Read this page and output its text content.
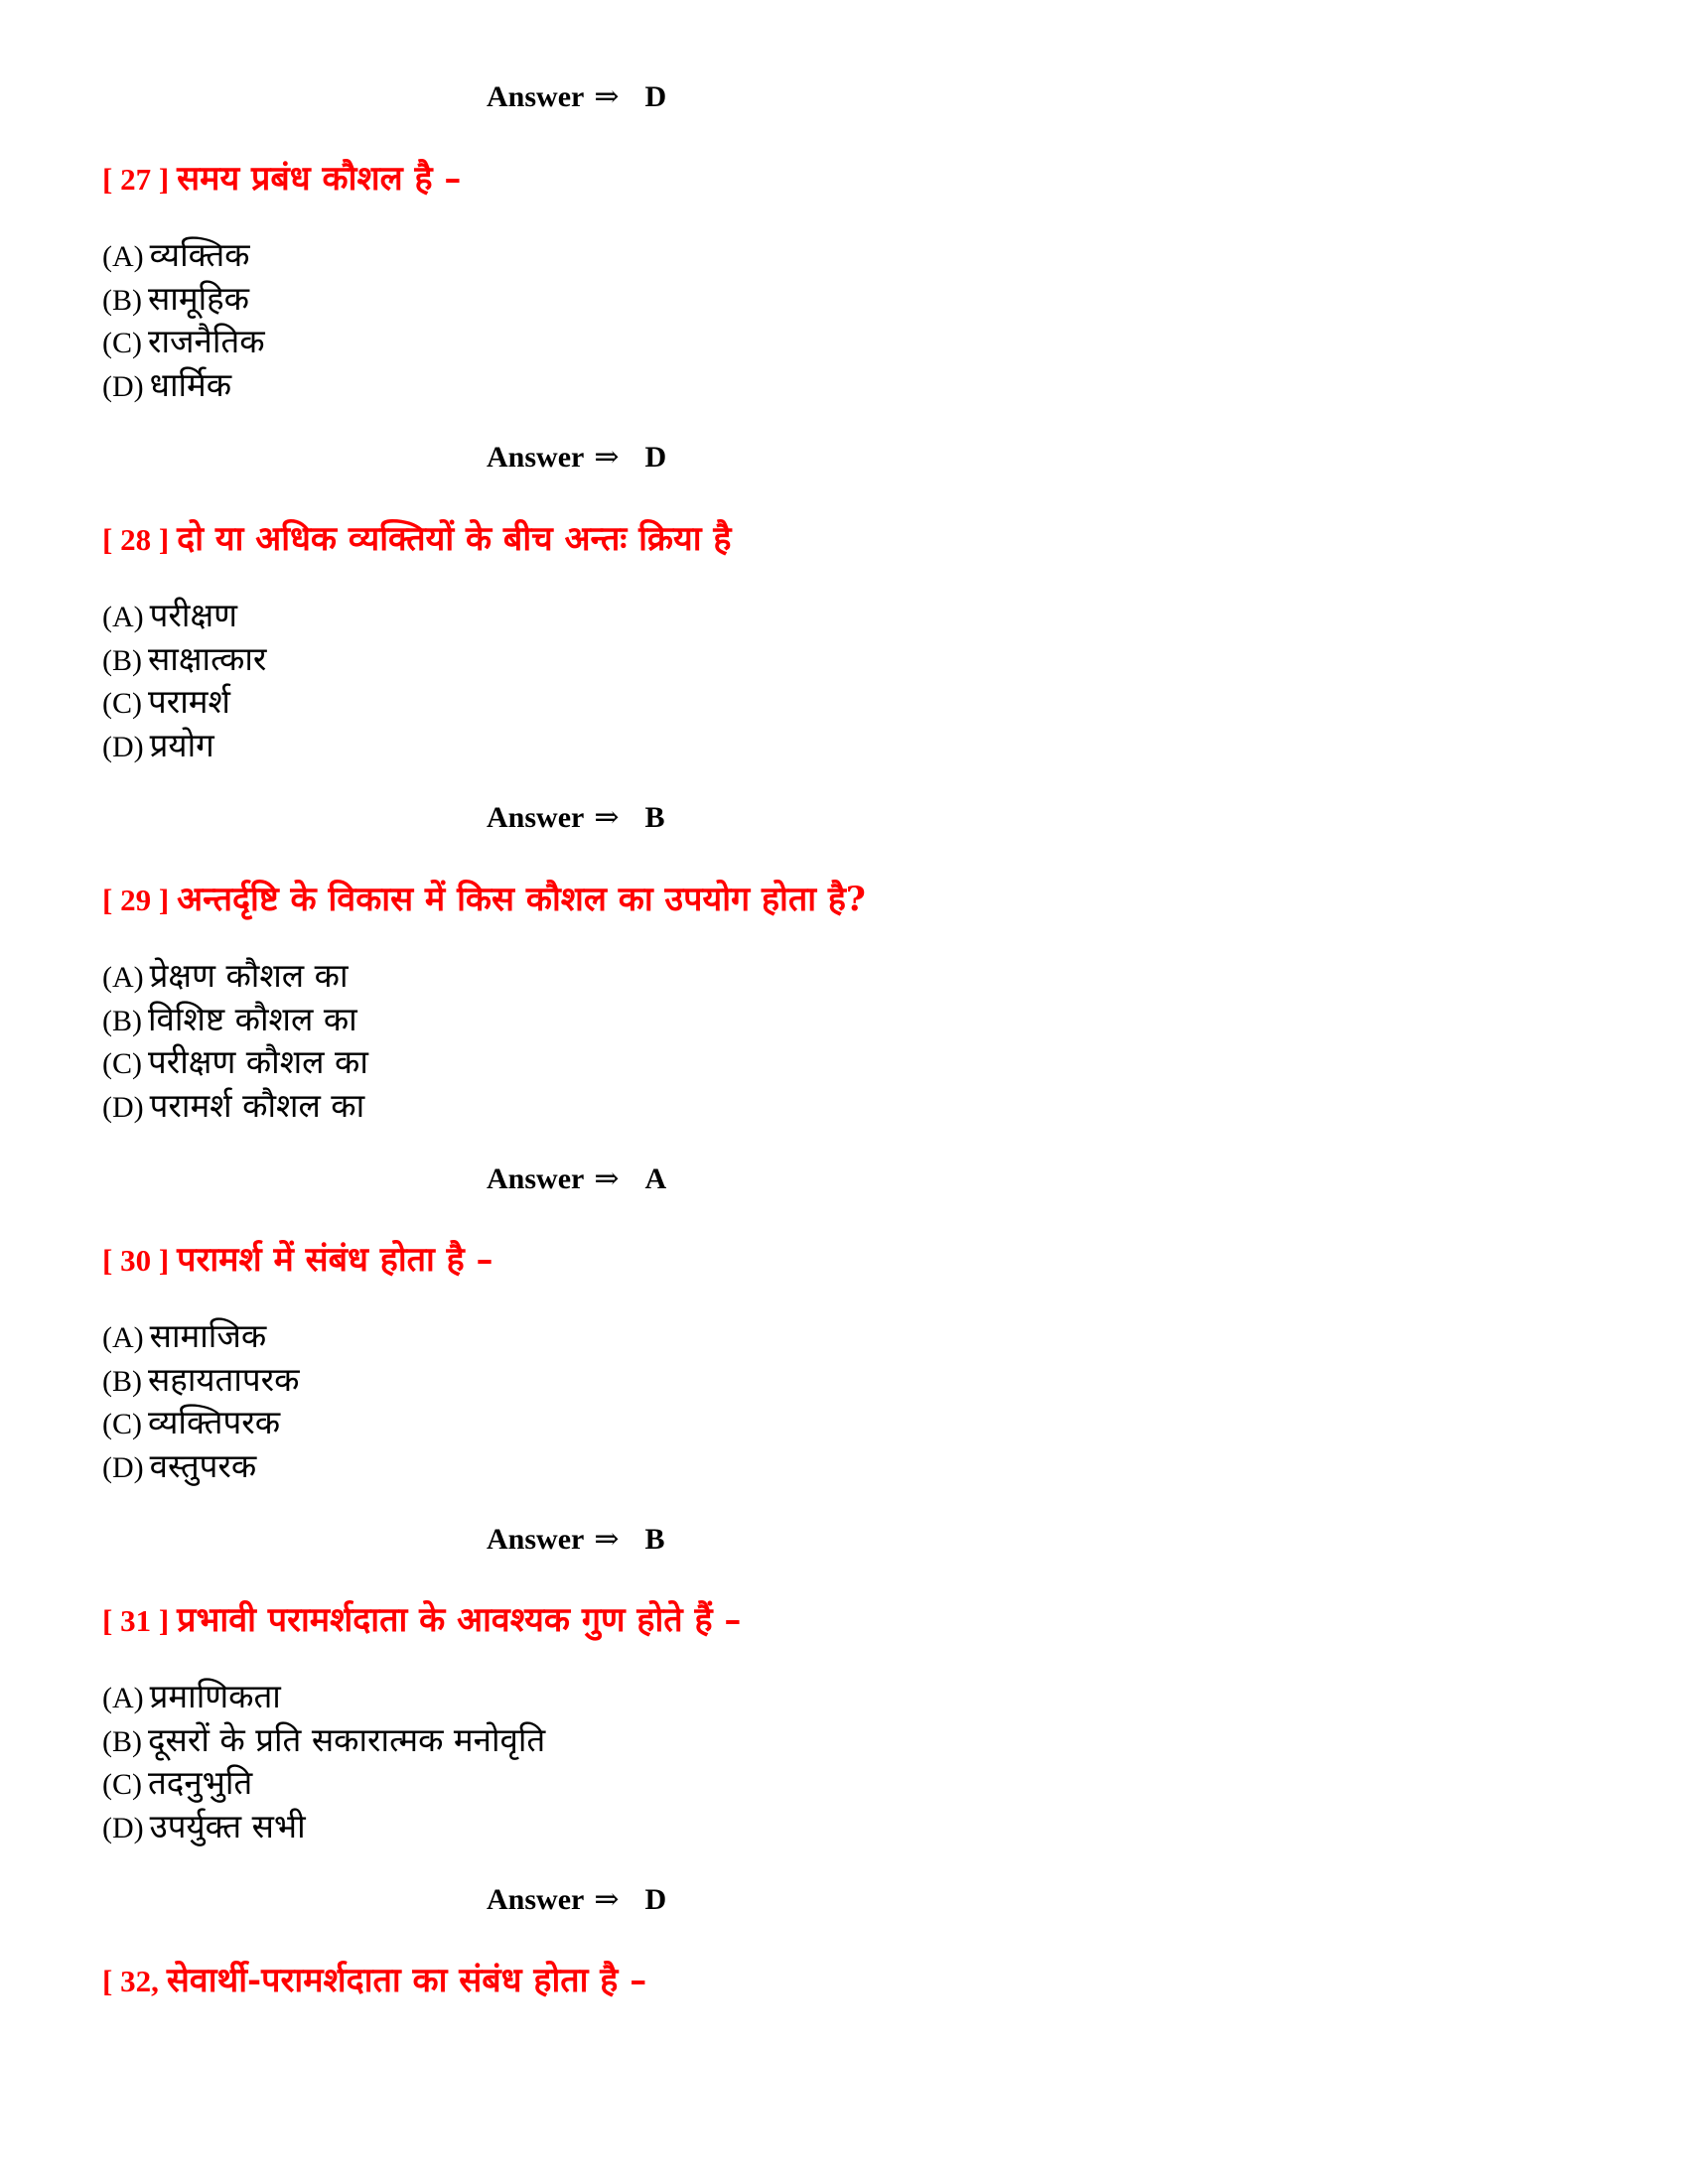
Answer ⇒ D
[ 27 ] समय प्रबंध कौशल है –
(A) व्यक्तिक
(B) सामूहिक
(C) राजनैतिक
(D) धार्मिक
Answer ⇒ D
[ 28 ] दो या अधिक व्यक्तियों के बीच अन्तः क्रिया है
(A) परीक्षण
(B) साक्षात्कार
(C) परामर्श
(D) प्रयोग
Answer ⇒ B
[ 29 ] अन्तर्दृष्टि के विकास में किस कौशल का उपयोग होता है?
(A) प्रेक्षण कौशल का
(B) विशिष्ट कौशल का
(C) परीक्षण कौशल का
(D) परामर्श कौशल का
Answer ⇒ A
[ 30 ] परामर्श में संबंध होता है –
(A) सामाजिक
(B) सहायतापरक
(C) व्यक्तिपरक
(D) वस्तुपरक
Answer ⇒ B
[ 31 ] प्रभावी परामर्शदाता के आवश्यक गुण होते हैं –
(A) प्रमाणिकता
(B) दूसरों के प्रति सकारात्मक मनोवृति
(C) तदनुभुति
(D) उपर्युक्त सभी
Answer ⇒ D
[ 32, सेवार्थी-परामर्शदाता का संबंध होता है –
